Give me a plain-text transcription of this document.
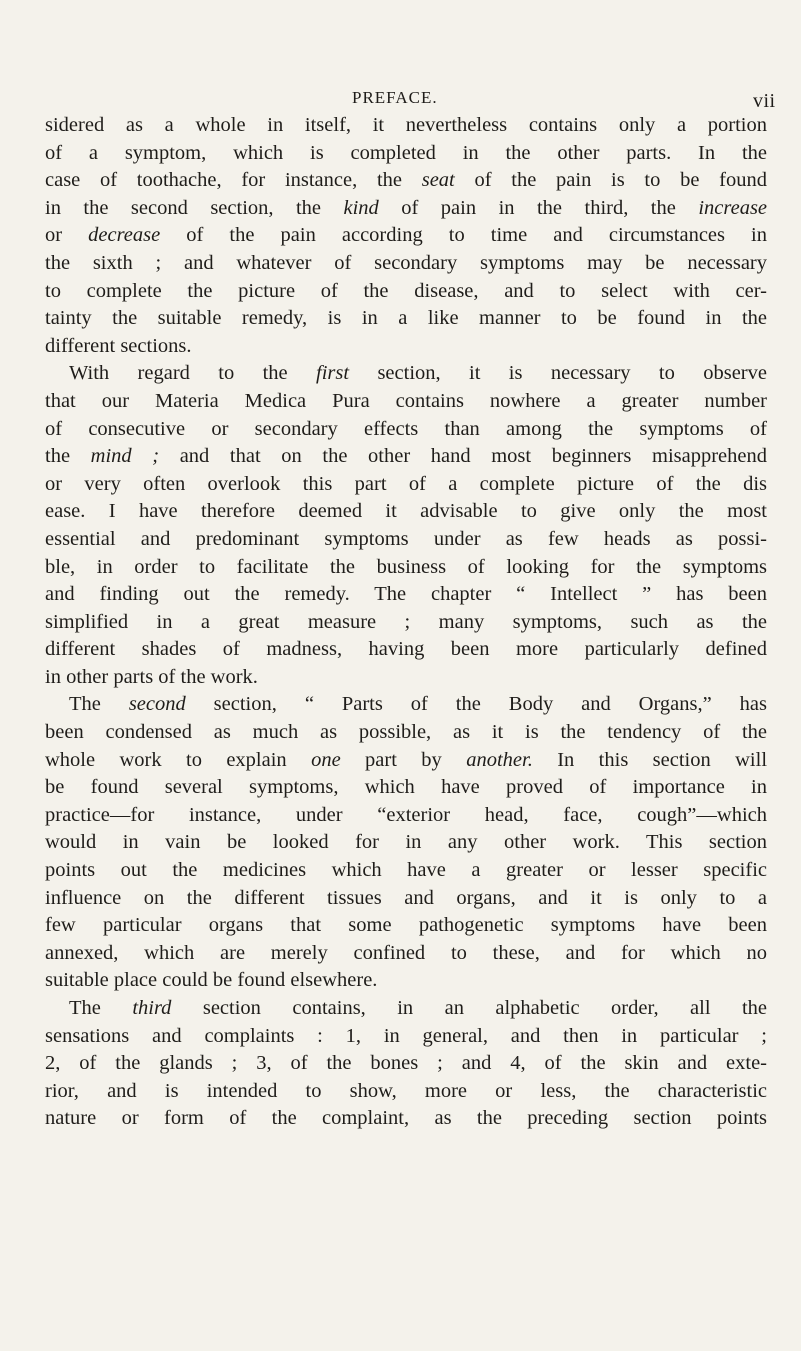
PREFACE.	vii
sidered as a whole in itself, it nevertheless contains only a portion
of a symptom, which is completed in the other parts. In the
case of toothache, for instance, the seat of the pain is to be found
in the second section, the kind of pain in the third, the increase
or decrease of the pain according to time and circumstances in
the sixth ; and whatever of secondary symptoms may be necessary
to complete the picture of the disease, and to select with cer-
tainty the suitable remedy, is in a like manner to be found in the
different sections.
With regard to the first section, it is necessary to observe
that our Materia Medica Pura contains nowhere a greater number
of consecutive or secondary effects than among the symptoms of
the mind ; and that on the other hand most beginners misapprehend
or very often overlook this part of a complete picture of the dis
ease. I have therefore deemed it advisable to give only the most
essential and predominant symptoms under as few heads as possi-
ble, in order to facilitate the business of looking for the symptoms
and finding out the remedy. The chapter “ Intellect ” has been
simplified in a great measure ; many symptoms, such as the
different shades of madness, having been more particularly defined
in other parts of the work.
The second section, “ Parts of the Body and Organs,” has
been condensed as much as possible, as it is the tendency of the
whole work to explain one part by another. In this section will
be found several symptoms, which have proved of importance in
practice—for instance, under “exterior head, face, cough”—which
would in vain be looked for in any other work. This section
points out the medicines which have a greater or lesser specific
influence on the different tissues and organs, and it is only to a
few particular organs that some pathogenetic symptoms have been
annexed, which are merely confined to these, and for which no
suitable place could be found elsewhere.
The third section contains, in an alphabetic order, all the
sensations and complaints : 1, in general, and then in particular ;
2, of the glands ; 3, of the bones ; and 4, of the skin and exte-
rior, and is intended to show, more or less, the characteristic
nature or form of the complaint, as the preceding section points
